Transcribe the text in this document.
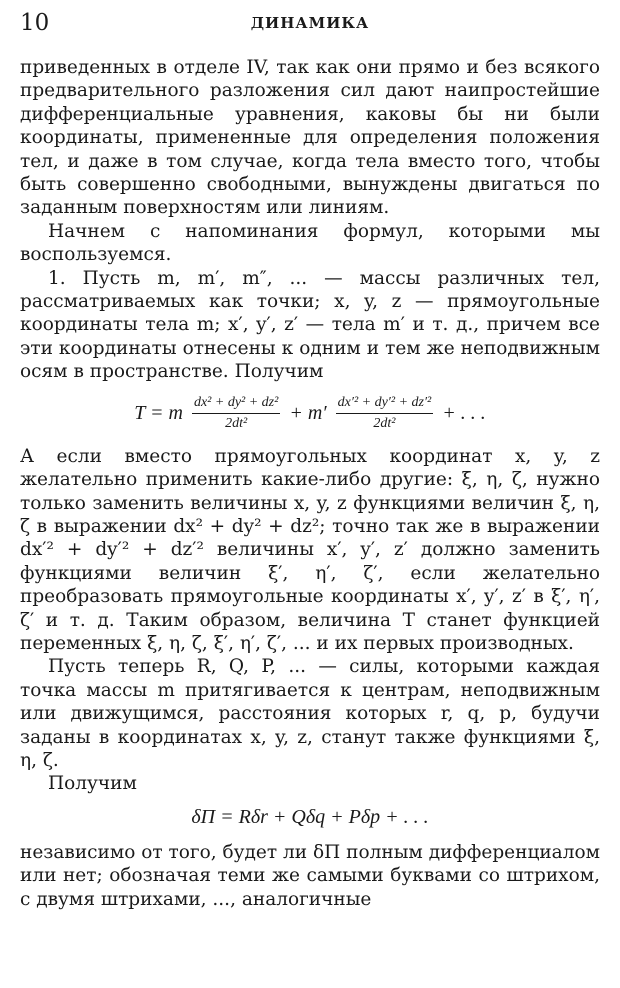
10	ДИНАМИКА

приведенных в отделе IV, так как они прямо и без всякого предварительного разложения сил дают наипростейшие дифференциальные уравнения, каковы бы ни были координаты, примененные для определения положения тел, и даже в том случае, когда тела вместо того, чтобы быть совершенно свободными, вынуждены двигаться по заданным поверхностям или линиям.

Начнем с напоминания формул, которыми мы воспользуемся.

1. Пусть m, m′, m″, ... — массы различных тел, рассматриваемых как точки; x, y, z — прямоугольные координаты тела m; x′, y′, z′ — тела m′ и т. д., причем все эти координаты отнесены к одним и тем же неподвижным осям в пространстве. Получим

T = m $\frac{\text{dx² + dy² + dz²}}{\text{2dt²}} + m' \frac{\text{dx′² + dy′² + dz′²}}{\text{2dt²}}$ + . . .

А если вместо прямоугольных координат x, y, z желательно применить какие-либо другие: ξ, η, ζ, нужно только заменить величины x, y, z функциями величин ξ, η, ζ в выражении dx² + dy² + dz²; точно так же в выражении dx′² + dy′² + dz′² величины x′, y′, z′ должно заменить функциями величин ξ′, η′, ζ′, если желательно преобразовать прямоугольные координаты x′, y′, z′ в ξ′, η′, ζ′ и т. д. Таким образом, величина T станет функцией переменных ξ, η, ζ, ξ′, η′, ζ′, ... и их первых производных.

Пусть теперь R, Q, P, ... — силы, которыми каждая точка массы m притягивается к центрам, неподвижным или движущимся, расстояния которых r, q, p, будучи заданы в координатах x, y, z, станут также функциями ξ, η, ζ.

Получим

δΠ = Rδr + Qδq + Pδp + . . .

независимо от того, будет ли δΠ полным дифференциалом или нет; обозначая теми же самыми буквами со штрихом, с двумя штрихами, ..., аналогичные
